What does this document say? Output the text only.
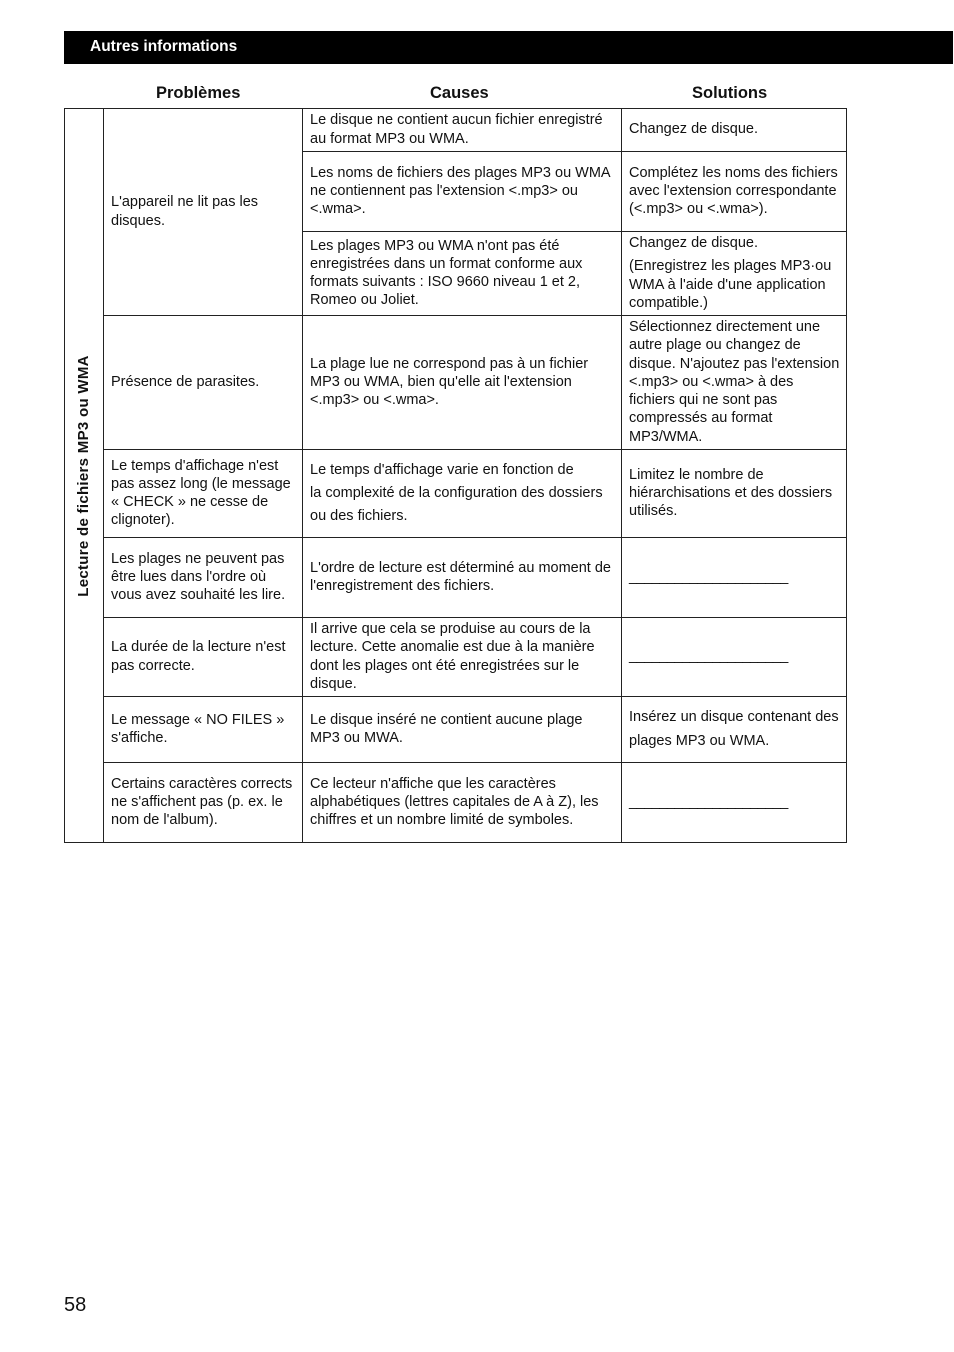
Autres informations
Problèmes	Causes	Solutions
Lecture de fichiers MP3 ou WMA	L'appareil ne lit pas les disques.	Le disque ne contient aucun fichier enregistré au format MP3 ou WMA.	Changez de disque.

		Les noms de fichiers des plages MP3 ou WMA ne contiennent pas l'extension <.mp3> ou <.wma>.	Complétez les noms des fichiers avec l'extension correspondante (<.mp3> ou <.wma>).

		Les plages MP3 ou WMA n'ont pas été enregistrées dans un format conforme aux formats suivants : ISO 9660 niveau 1 et 2, Romeo ou Joliet.	Changez de disque.
(Enregistrez les plages MP3·ou WMA à l'aide d'une application compatible.)

	Présence de parasites.	La plage lue ne correspond pas à un fichier MP3 ou WMA, bien qu'elle ait l'extension <.mp3> ou <.wma>.	Sélectionnez directement une autre plage ou changez de disque. N'ajoutez pas l'extension <.mp3> ou <.wma> à des fichiers qui ne sont pas compressés au format MP3/WMA.

	Le temps d'affichage n'est pas assez long (le message « CHECK » ne cesse de clignoter).	Le temps d'affichage varie en fonction de
la complexité de la configuration des dossiers
ou des fichiers.	Limitez le nombre de hiérarchisations et des dossiers utilisés.

	Les plages ne peuvent pas être lues dans l'ordre où vous avez souhaité les lire.	L'ordre de lecture est déterminé au moment de l'enregistrement des fichiers.	_____________________

	La durée de la lecture n'est pas correcte.	Il arrive que cela se produise au cours de la lecture. Cette anomalie est due à la manière dont les plages ont été enregistrées sur le disque.	_____________________

	Le message « NO FILES » s'affiche.	Le disque inséré ne contient aucune plage MP3 ou MWA.	Insérez un disque contenant des
plages MP3 ou WMA.

	Certains caractères corrects ne s'affichent pas (p. ex. le nom de l'album).	Ce lecteur n'affiche que les caractères alphabétiques (lettres capitales de A à Z), les chiffres et un nombre limité de symboles.	_____________________
58
